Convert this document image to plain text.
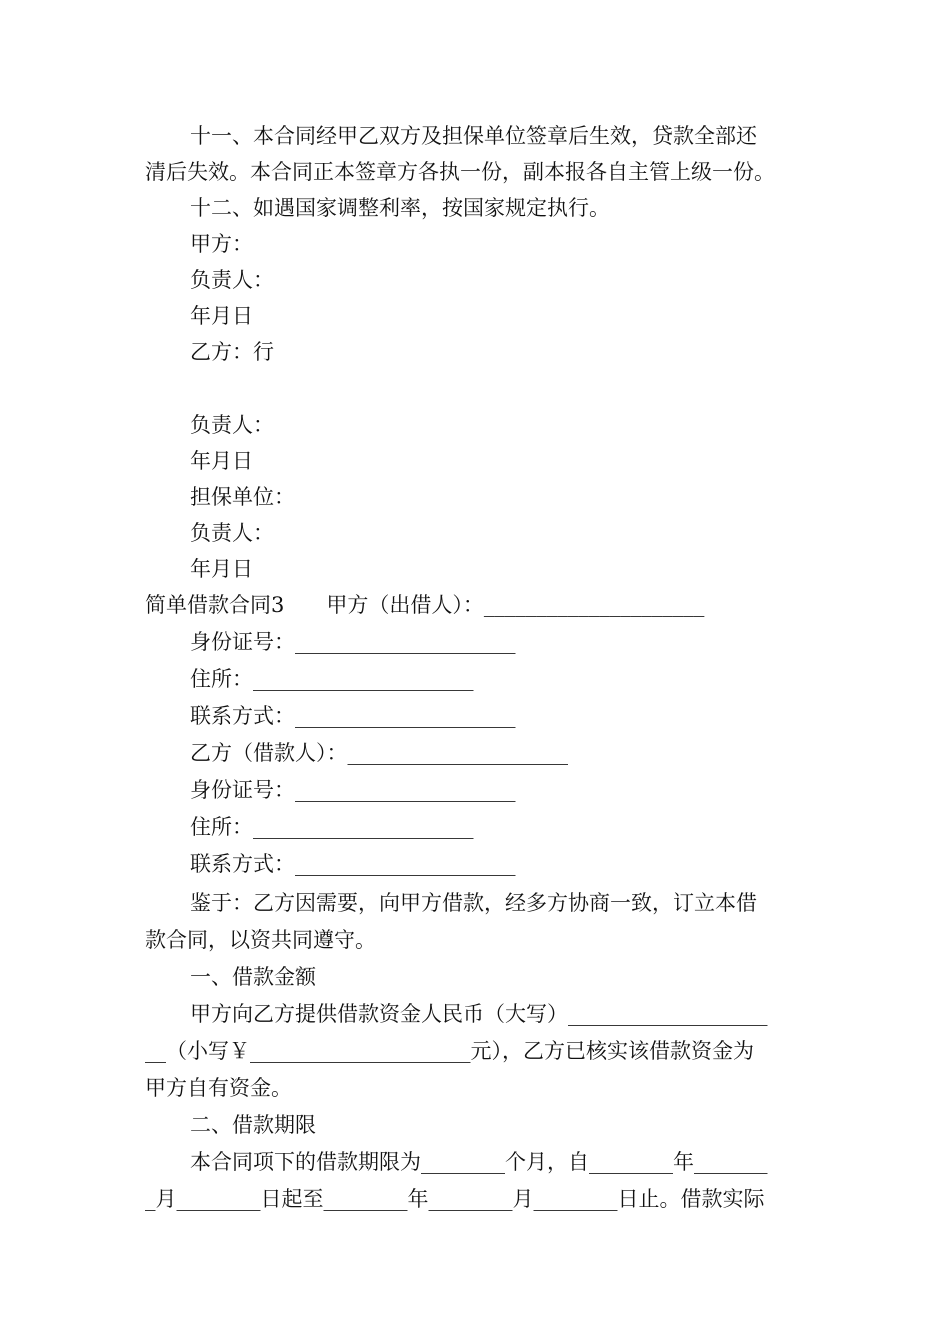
十一、本合同经甲乙双方及担保单位签章后生效，贷款全部还
清后失效。本合同正本签章方各执一份，副本报各自主管上级一份。
十二、如遇国家调整利率，按国家规定执行。
甲方：
负责人：
年月日
乙方：行
负责人：
年月日
担保单位：
负责人：
年月日
简单借款合同3　　甲方（出借人）：_____________________
身份证号：_____________________
住所：_____________________
联系方式：_____________________
乙方（借款人）：_____________________
身份证号：_____________________
住所：_____________________
联系方式：_____________________
鉴于：乙方因需要，向甲方借款，经多方协商一致，订立本借
款合同，以资共同遵守。
一、借款金额
甲方向乙方提供借款资金人民币（大写）___________________
__（小写￥_____________________元），乙方已核实该借款资金为
甲方自有资金。
二、借款期限
本合同项下的借款期限为________个月，自________年_______
_月________日起至________年________月________日止。借款实际
